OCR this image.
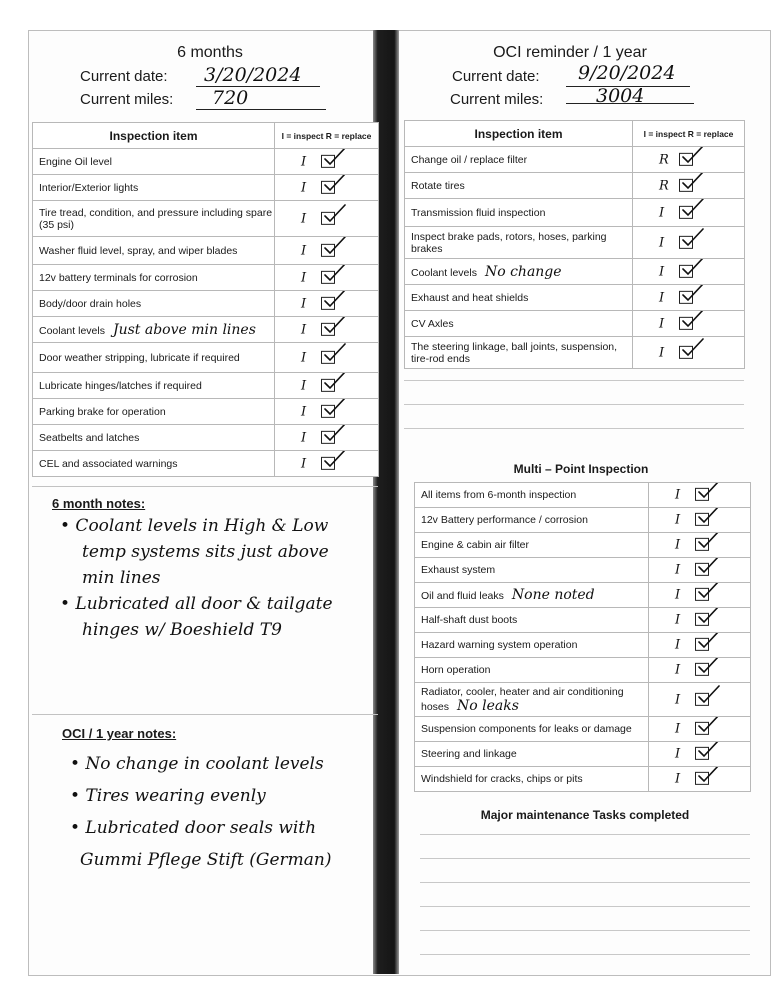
6 months
Current date: 3/20/2024
Current miles: 720
OCI reminder / 1 year
Current date: 9/20/2024
Current miles:	3004
Inspection item	I = inspect R = replace
Engine Oil level	I

Interior/Exterior lights	I

Tire tread, condition, and pressure including spare (35 psi)	I

Washer fluid level, spray, and wiper blades	I

12v battery terminals for corrosion	I

Body/door drain holes	I

Coolant levels Just above min lines	I

Door weather stripping, lubricate if required	I

Lubricate hinges/latches if required	I

Parking brake for operation	I

Seatbelts and latches	I

CEL and associated warnings	I
6 month notes:
• Coolant levels in High & Low
temp systems sits just above
min lines
• Lubricated all door & tailgate
hinges w/ Boeshield T9
OCI / 1 year notes:
• No change in coolant levels
• Tires wearing evenly
• Lubricated door seals with
Gummi Pflege Stift (German)
Inspection item	I = inspect R = replace
Change oil / replace filter	R

Rotate tires	R

Transmission fluid inspection	I

Inspect brake pads, rotors, hoses, parking brakes	I

Coolant levels No change	I

Exhaust and heat shields	I

CV Axles	I

The steering linkage, ball joints, suspension, tire-rod ends	I
Multi – Point Inspection
All items from 6-month inspection	I

12v Battery performance / corrosion	I

Engine & cabin air filter	I

Exhaust system	I

Oil and fluid leaks None noted	I

Half-shaft dust boots	I

Hazard warning system operation	I

Horn operation	I

Radiator, cooler, heater and air conditioning hoses No leaks	I

Suspension components for leaks or damage	I

Steering and linkage	I

Windshield for cracks, chips or pits	I
Major maintenance Tasks completed
